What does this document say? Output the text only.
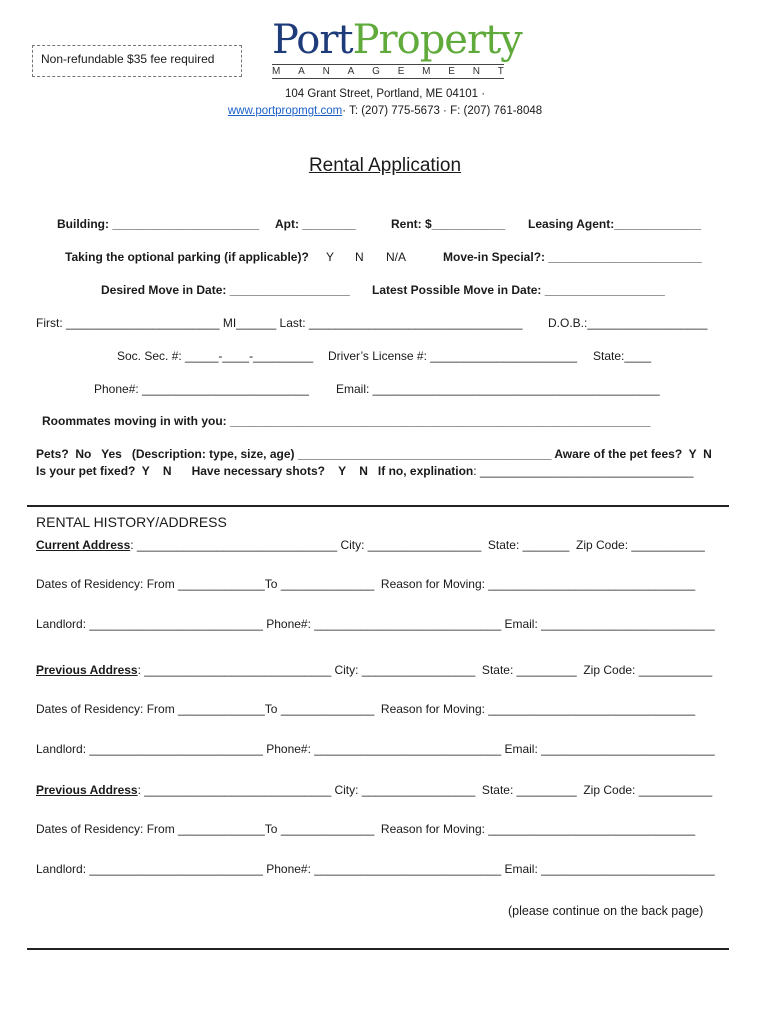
Non-refundable $35 fee required PortProperty
M A N A G E M E N T
104 Grant Street, Portland, ME 04101 ·
www.portpropmgt.com· T: (207) 775-5673 · F: (207) 761-8048
Rental Application
Building: ______________________ Apt: ________	Rent: $___________ Leasing Agent:_____________
Taking the optional parking (if applicable)? Y N N/A	Move-in Special?: _______________________
Desired Move in Date: __________________ Latest Possible Move in Date: __________________
First: _______________________ MI______ Last: ________________________________ D.O.B.:__________________
Soc. Sec. #: _____-____-_________ Driver’s License #: ______________________ State:____
Phone#: _________________________ Email: ___________________________________________
Roommates moving in with you: _______________________________________________________________
Pets?  No   Yes   (Description: type, size, age) ______________________________________ Aware of the pet fees?  Y  N
Is your pet fixed?  Y    N      Have necessary shots?    Y    N   If no, explination: ________________________________
RENTAL HISTORY/ADDRESS
Current Address: ______________________________ City: _________________  State: _______  Zip Code: ___________
Dates of Residency: From _____________To ______________  Reason for Moving: _______________________________
Landlord: __________________________ Phone#: ____________________________ Email: __________________________
Previous Address: ____________________________ City: _________________  State: _________  Zip Code: ___________
Dates of Residency: From _____________To ______________  Reason for Moving: _______________________________
Landlord: __________________________ Phone#: ____________________________ Email: __________________________
Previous Address: ____________________________ City: _________________  State: _________  Zip Code: ___________
Dates of Residency: From _____________To ______________  Reason for Moving: _______________________________
Landlord: __________________________ Phone#: ____________________________ Email: __________________________
(please continue on the back page)
